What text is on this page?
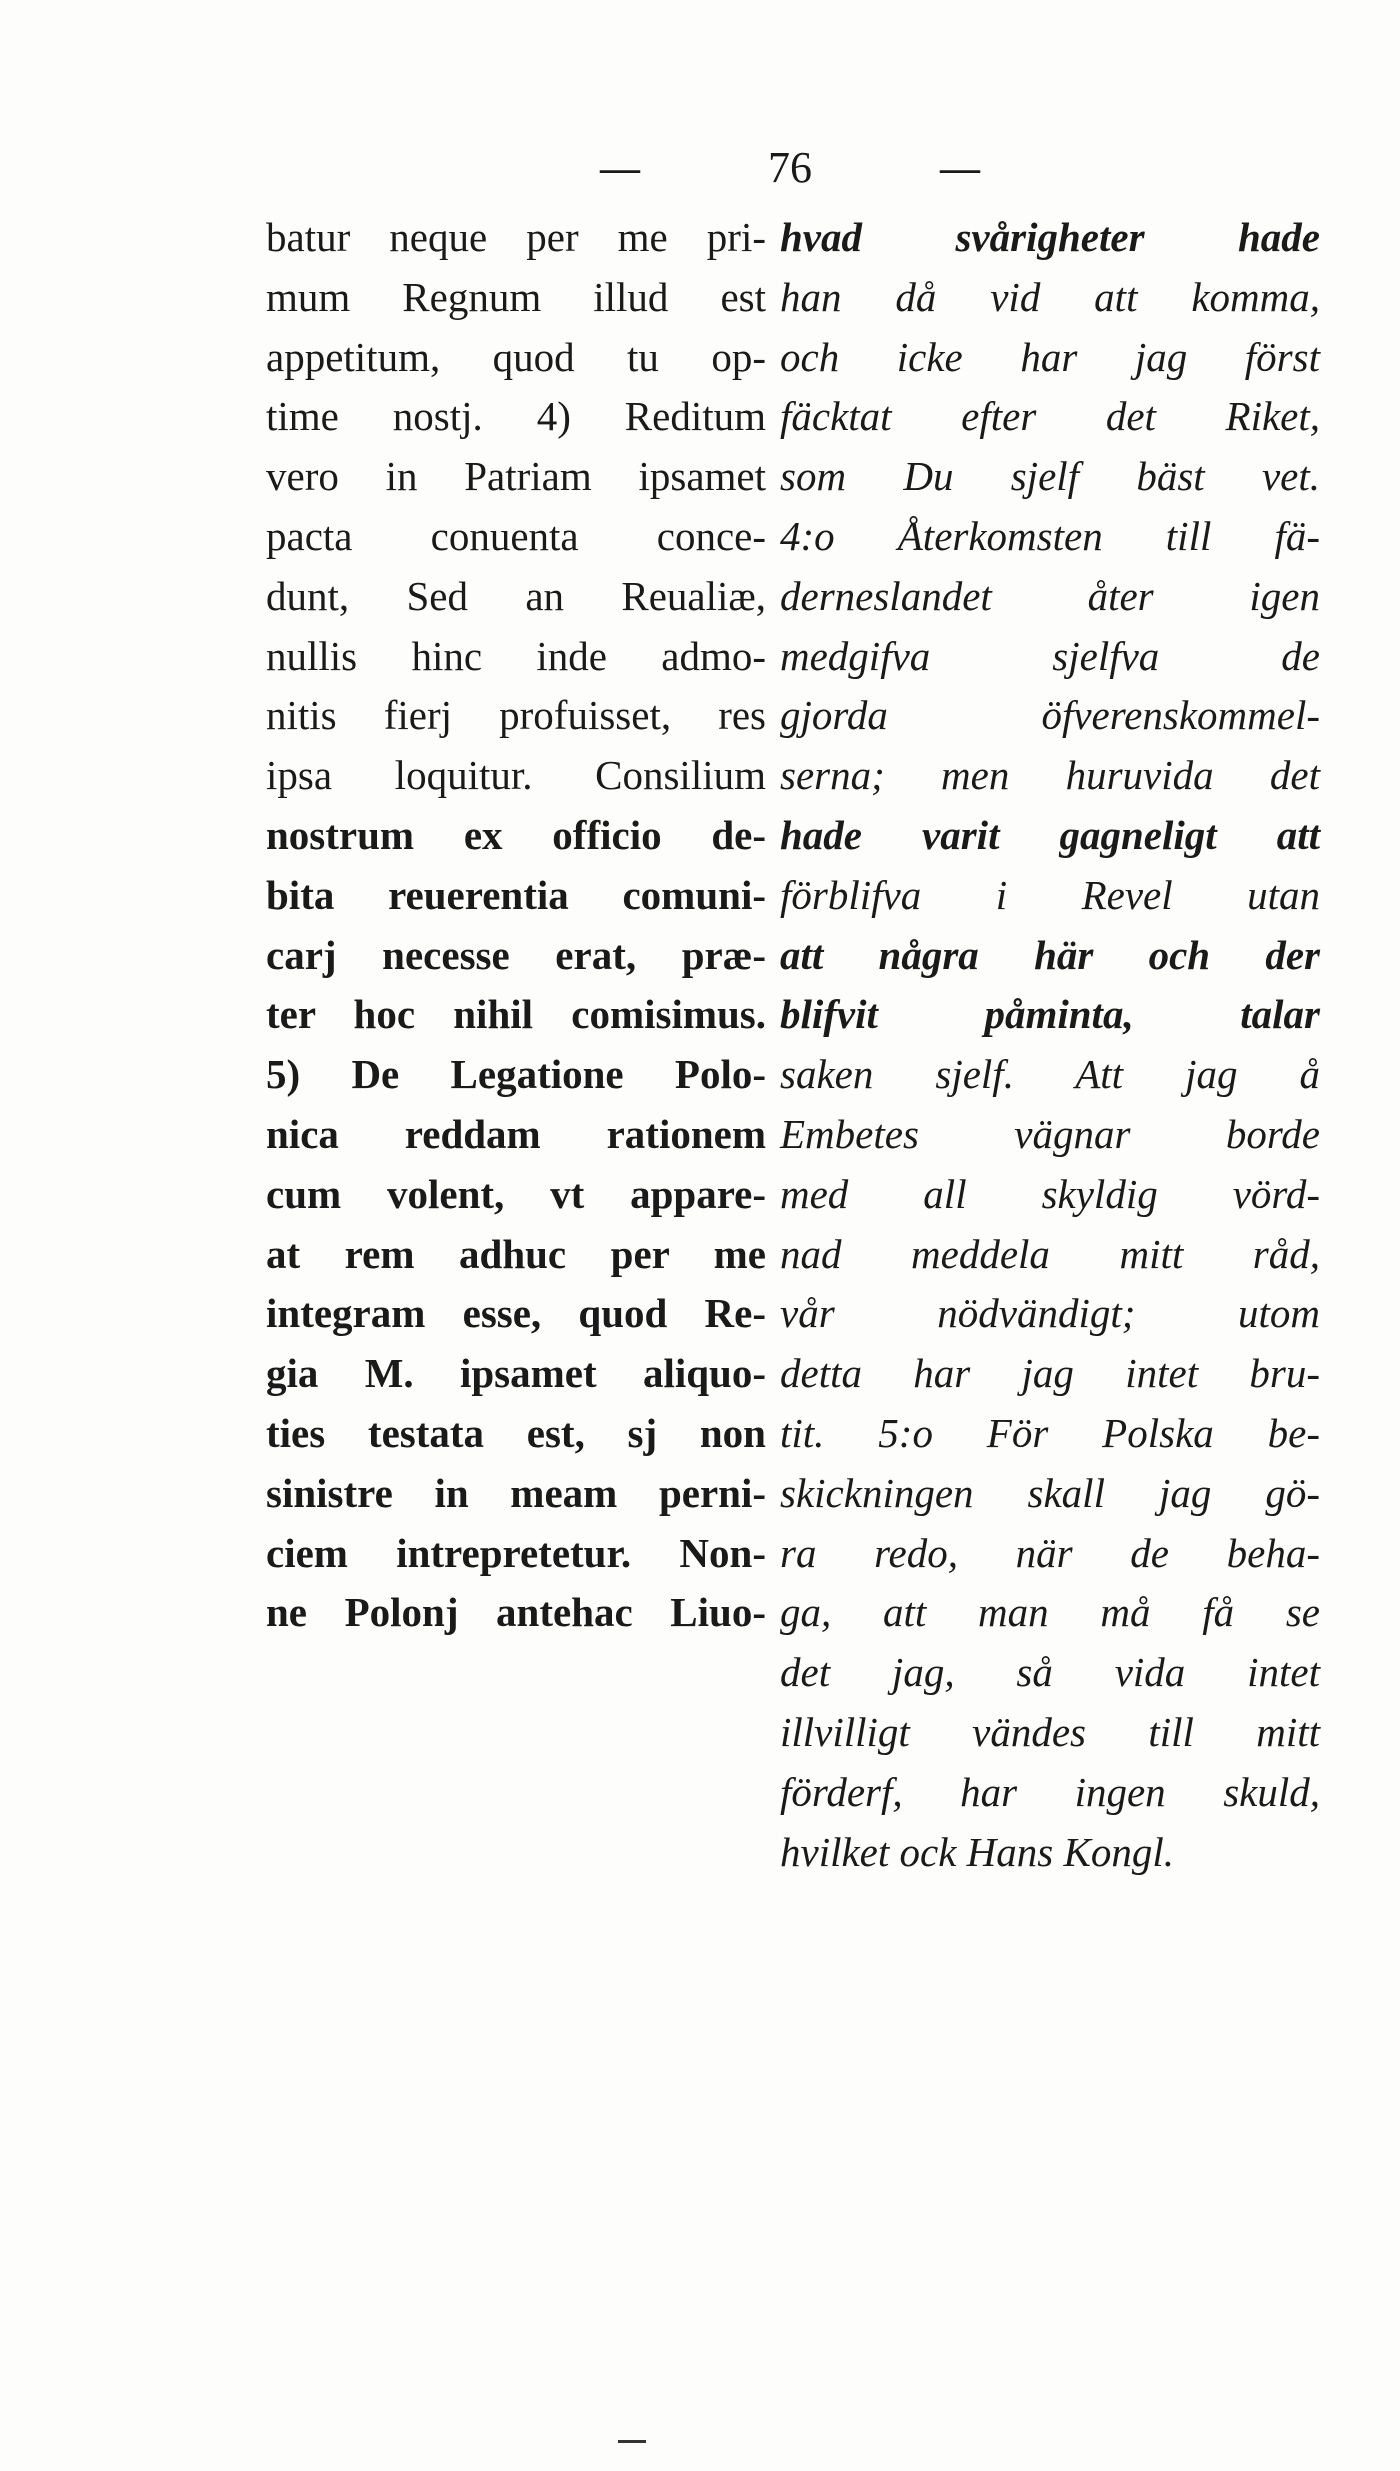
—	76	—
batur neque per me pri-
mum Regnum illud est
appetitum, quod tu op-
time nostj. 4) Reditum
vero in Patriam ipsamet
pacta conuenta conce-
dunt, Sed an Reualiæ,
nullis hinc inde admo-
nitis fierj profuisset, res
ipsa loquitur. Consilium
nostrum ex officio de-
bita reuerentia comuni-
carj necesse erat, præ-
ter hoc nihil comisimus.
5) De Legatione Polo-
nica reddam rationem
cum volent, vt appare-
at rem adhuc per me
integram esse, quod Re-
gia M. ipsamet aliquo-
ties testata est, sj non
sinistre in meam perni-
ciem intrepretetur. Non-
ne Polonj antehac Liuo-
hvad svårigheter hade
han då vid att komma,
och icke har jag först
fäcktat efter det Riket,
som Du sjelf bäst vet.
4:o Återkomsten till fä-
derneslandet åter igen
medgifva sjelfva de
gjorda öfverenskommel-
serna; men huruvida det
hade varit gagneligt att
förblifva i Revel utan
att några här och der
blifvit påminta, talar
saken sjelf. Att jag å
Embetes vägnar borde
med all skyldig vörd-
nad meddela mitt råd,
vår nödvändigt; utom
detta har jag intet bru-
tit. 5:o För Polska be-
skickningen skall jag gö-
ra redo, när de beha-
ga, att man må få se
det jag, så vida intet
illvilligt vändes till mitt
förderf, har ingen skuld,
hvilket ock Hans Kongl.
